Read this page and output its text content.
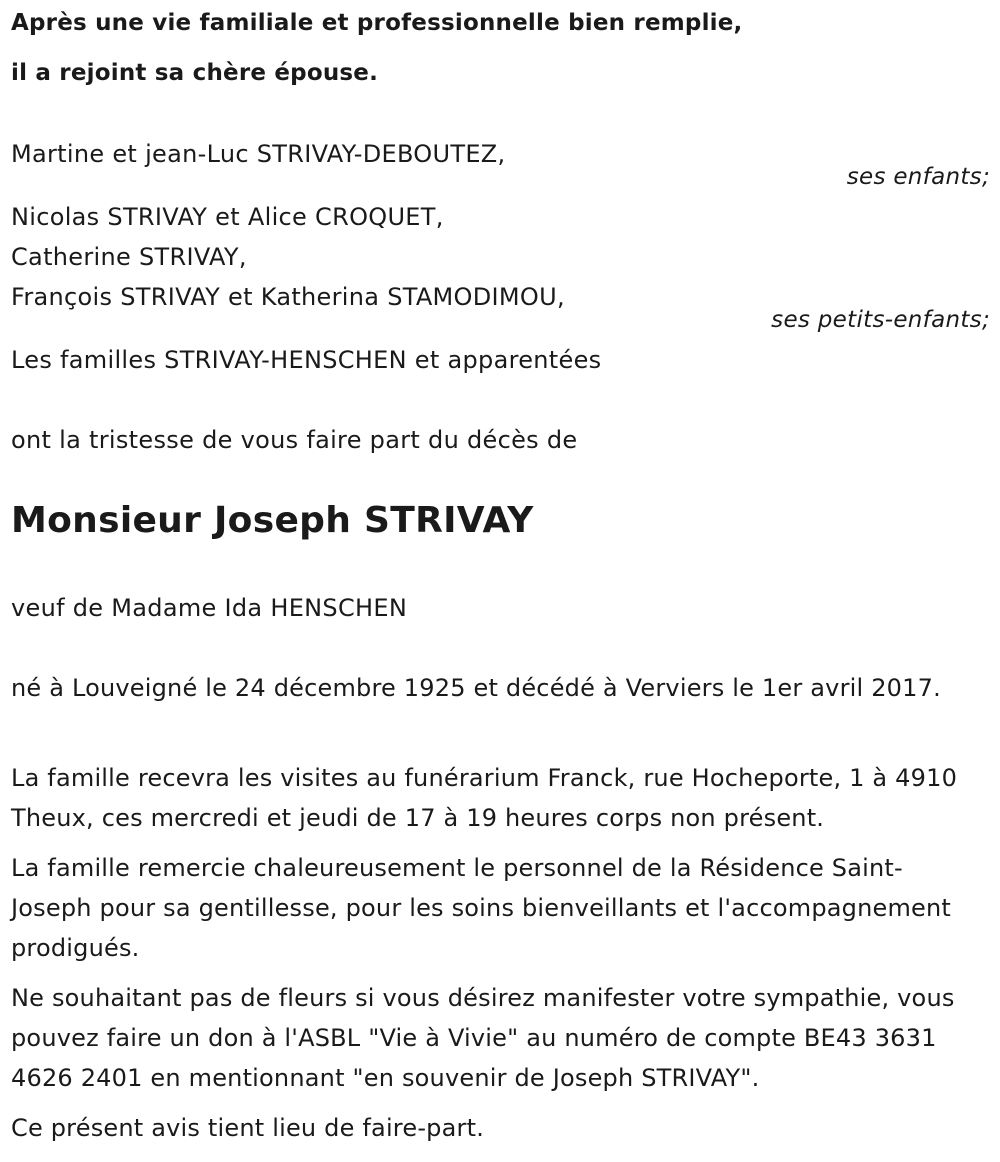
Après une vie familiale et professionnelle bien remplie,
il a rejoint sa chère épouse.
Martine et jean-Luc STRIVAY-DEBOUTEZ,
ses enfants;
Nicolas STRIVAY et Alice CROQUET,
Catherine STRIVAY,
François STRIVAY et Katherina STAMODIMOU,
ses petits-enfants;
Les familles STRIVAY-HENSCHEN et apparentées
ont la tristesse de vous faire part du décès de
Monsieur Joseph STRIVAY
veuf de Madame Ida HENSCHEN
né à Louveigné le 24 décembre 1925 et décédé à Verviers le 1er avril 2017.
La famille recevra les visites au funérarium Franck, rue Hocheporte, 1 à 4910 Theux, ces mercredi et jeudi de 17 à 19 heures corps non présent.
La famille remercie chaleureusement le personnel de la Résidence Saint-Joseph pour sa gentillesse, pour les soins bienveillants et l'accompagnement prodigués.
Ne souhaitant pas de fleurs si vous désirez manifester votre sympathie, vous pouvez faire un don à l'ASBL "Vie à Vivie" au numéro de compte BE43 3631 4626 2401 en mentionnant "en souvenir de Joseph STRIVAY".
Ce présent avis tient lieu de faire-part.
